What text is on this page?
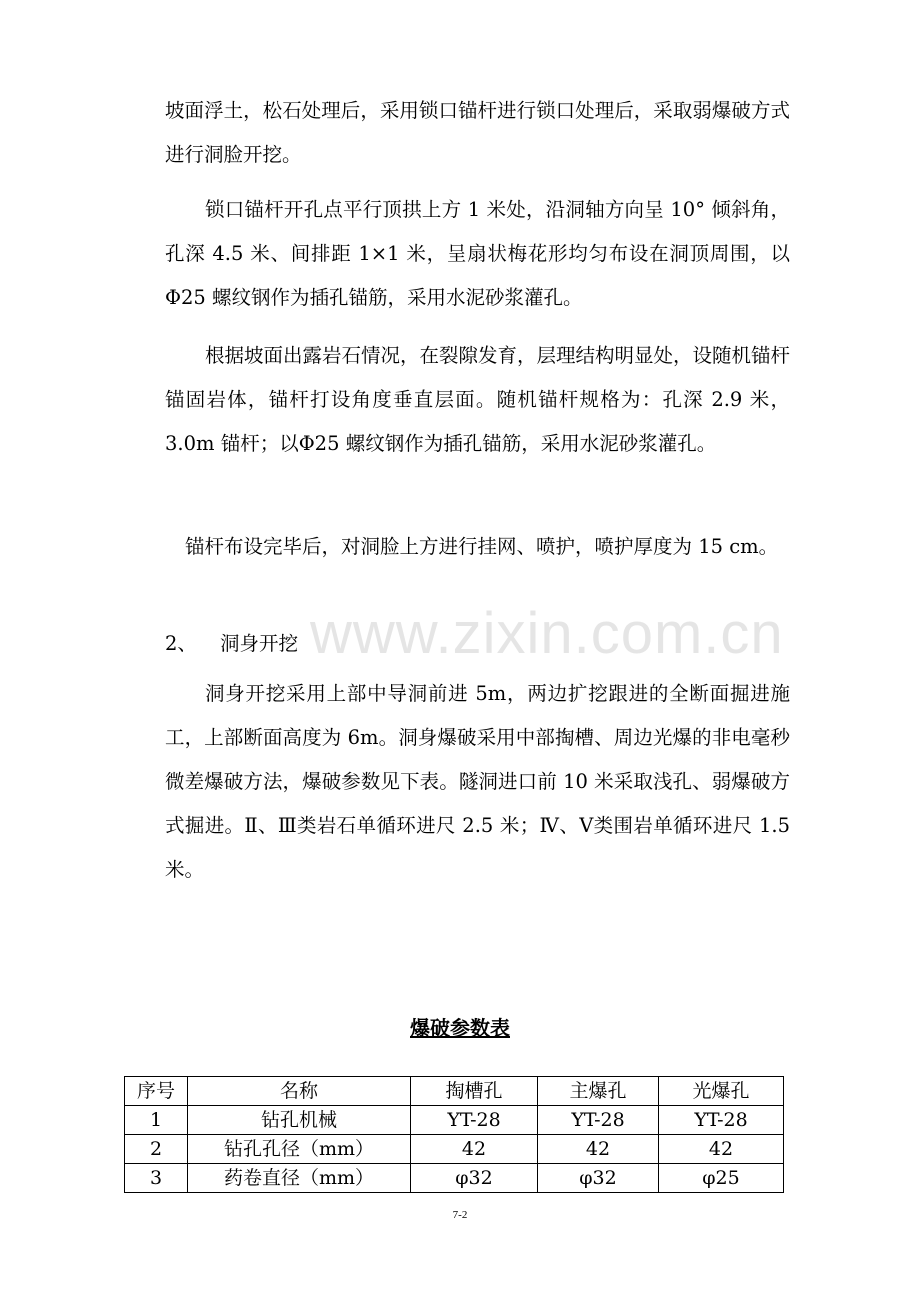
www.zixin.com.cn

坡面浮土，松石处理后，采用锁口锚杆进行锁口处理后，采取弱爆破方式进行洞脸开挖。

锁口锚杆开孔点平行顶拱上方 1 米处，沿洞轴方向呈 10° 倾斜角，孔深 4.5 米、间排距 1×1 米，呈扇状梅花形均匀布设在洞顶周围，以Φ25 螺纹钢作为插孔锚筋，采用水泥砂浆灌孔。

根据坡面出露岩石情况，在裂隙发育，层理结构明显处，设随机锚杆锚固岩体，锚杆打设角度垂直层面。随机锚杆规格为：孔深 2.9 米，3.0m 锚杆；以Φ25 螺纹钢作为插孔锚筋，采用水泥砂浆灌孔。

锚杆布设完毕后，对洞脸上方进行挂网、喷护，喷护厚度为 15 cm。

2、 洞身开挖

洞身开挖采用上部中导洞前进 5m，两边扩挖跟进的全断面掘进施工，上部断面高度为 6m。洞身爆破采用中部掏槽、周边光爆的非电毫秒微差爆破方法，爆破参数见下表。隧洞进口前 10 米采取浅孔、弱爆破方式掘进。Ⅱ、Ⅲ类岩石单循环进尺 2.5 米；Ⅳ、Ⅴ类围岩单循环进尺 1.5 米。

爆破参数表
序号	名称	掏槽孔	主爆孔	光爆孔
1	钻孔机械	YT-28	YT-28	YT-28
2	钻孔孔径（mm）	42	42	42
3	药卷直径（mm）	φ32	φ32	φ25
7-2
